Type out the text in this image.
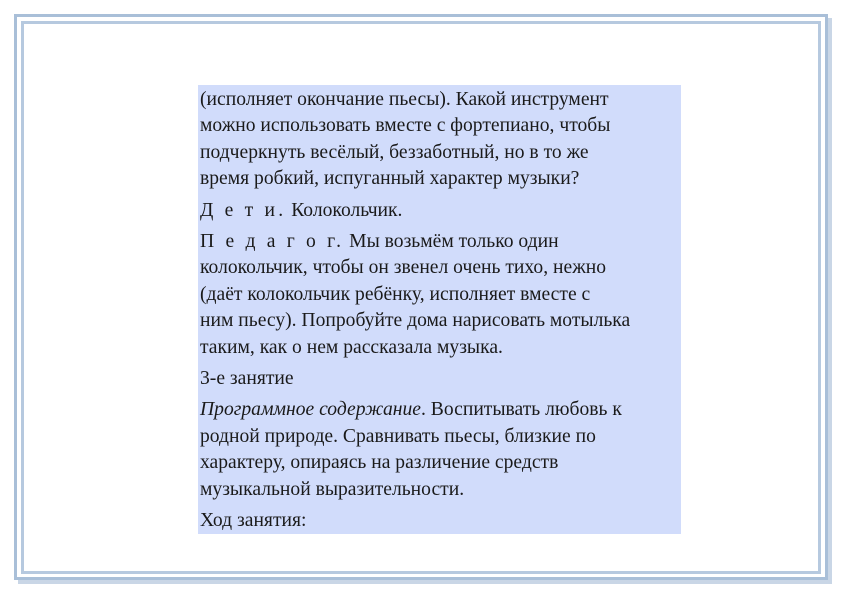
(исполняет окончание пьесы). Какой инструмент
можно использовать вместе с фортепиано, чтобы
подчеркнуть весёлый, беззаботный, но в то же
время робкий, испуганный характер музыки?

Д е т и. Колокольчик.

П е д а г о г. Мы возьмём только один
колокольчик, чтобы он звенел очень тихо, нежно
(даёт колокольчик ребёнку, исполняет вместе с
ним пьесу). Попробуйте дома нарисовать мотылька
таким, как о нем рассказала музыка.

3-е занятие

Программное содержание. Воспитывать любовь к
родной природе. Сравнивать пьесы, близкие по
характеру, опираясь на различение средств
музыкальной выразительности.

Ход занятия:
